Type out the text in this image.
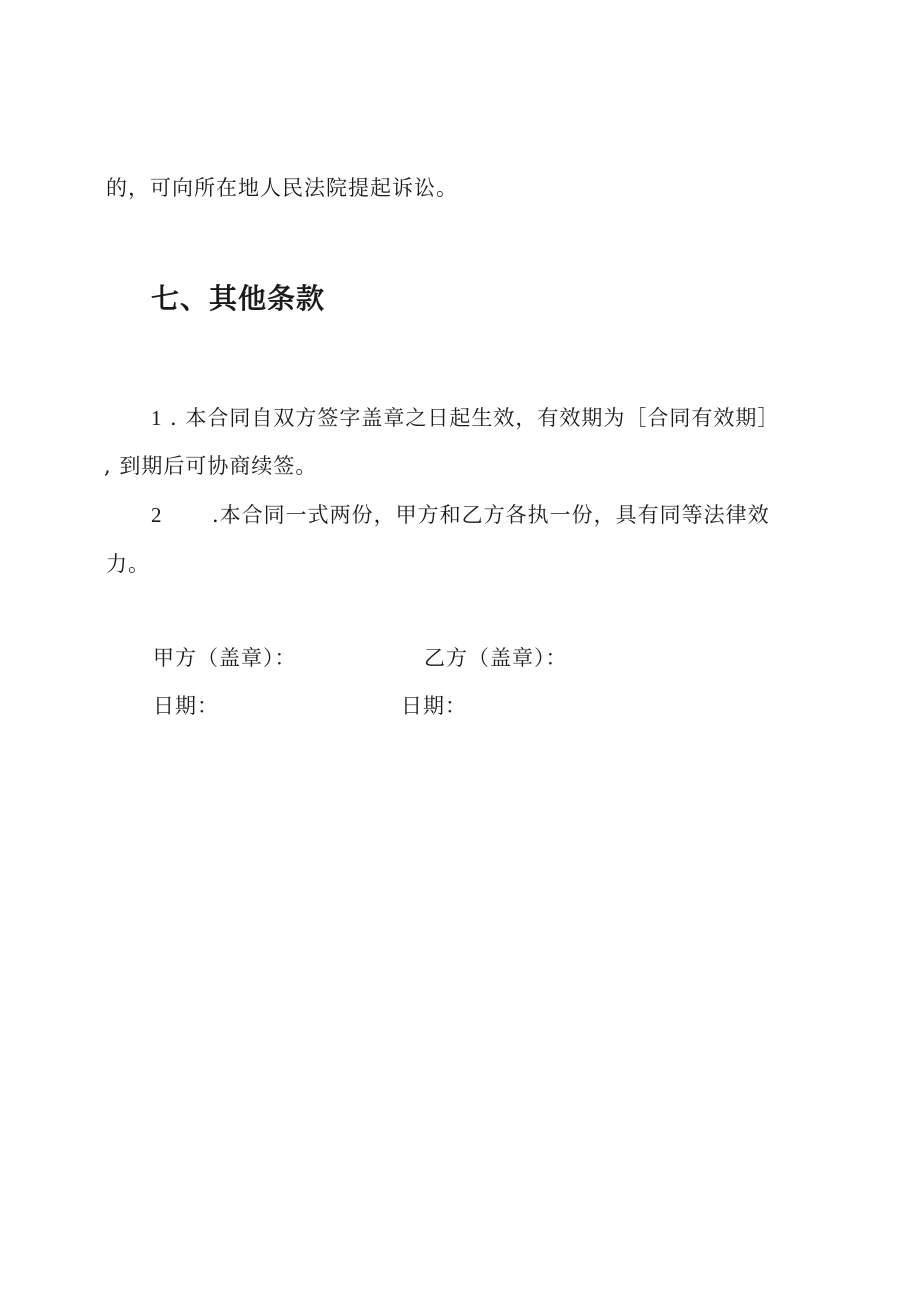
的，可向所在地人民法院提起诉讼。
七、其他条款
1 . 本合同自双方签字盖章之日起生效，有效期为［合同有效期］
, 到期后可协商续签。
2 .本合同一式两份，甲方和乙方各执一份，具有同等法律效
力。
甲方（盖章）：	乙方（盖章）：
日期：	日期：
